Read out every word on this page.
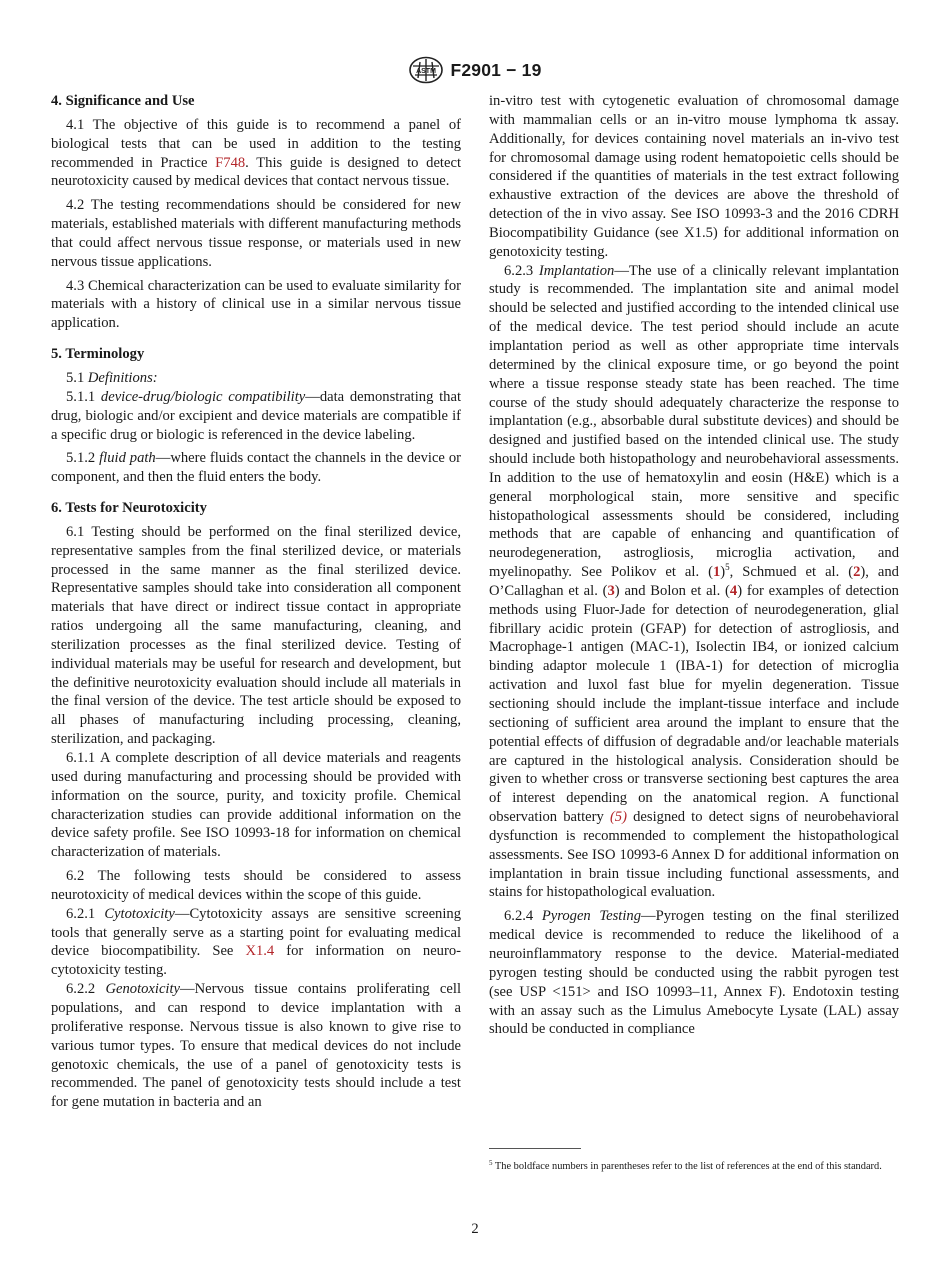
ASTM F2901 − 19
4. Significance and Use

4.1 The objective of this guide is to recommend a panel of biological tests that can be used in addition to the testing recommended in Practice F748. This guide is designed to detect neurotoxicity caused by medical devices that contact nervous tissue.

4.2 The testing recommendations should be considered for new materials, established materials with different manufacturing methods that could affect nervous tissue response, or materials used in new nervous tissue applications.

4.3 Chemical characterization can be used to evaluate similarity for materials with a history of clinical use in a similar nervous tissue application.

5. Terminology

5.1 Definitions:

5.1.1 device-drug/biologic compatibility—data demonstrating that drug, biologic and/or excipient and device materials are compatible if a specific drug or biologic is referenced in the device labeling.

5.1.2 fluid path—where fluids contact the channels in the device or component, and then the fluid enters the body.

6. Tests for Neurotoxicity

6.1 Testing should be performed on the final sterilized device, representative samples from the final sterilized device, or materials processed in the same manner as the final sterilized device. Representative samples should take into consideration all component materials that have direct or indirect tissue contact in appropriate ratios undergoing all the same manufacturing, cleaning, and sterilization processes as the final sterilized device. Testing of individual materials may be useful for research and development, but the definitive neurotoxicity evaluation should include all materials in the final version of the device. The test article should be exposed to all phases of manufacturing including processing, cleaning, sterilization, and packaging.

6.1.1 A complete description of all device materials and reagents used during manufacturing and processing should be provided with information on the source, purity, and toxicity profile. Chemical characterization studies can provide additional information on the device safety profile. See ISO 10993-18 for information on chemical characterization of materials.

6.2 The following tests should be considered to assess neurotoxicity of medical devices within the scope of this guide.

6.2.1 Cytotoxicity—Cytotoxicity assays are sensitive screening tools that generally serve as a starting point for evaluating medical device biocompatibility. See X1.4 for information on neuro-cytotoxicity testing.

6.2.2 Genotoxicity—Nervous tissue contains proliferating cell populations, and can respond to device implantation with a proliferative response. Nervous tissue is also known to give rise to various tumor types. To ensure that medical devices do not include genotoxic chemicals, the use of a panel of genotoxicity tests is recommended. The panel of genotoxicity tests should include a test for gene mutation in bacteria and an

in-vitro test with cytogenetic evaluation of chromosomal damage with mammalian cells or an in-vitro mouse lymphoma tk assay. Additionally, for devices containing novel materials an in-vivo test for chromosomal damage using rodent hematopoietic cells should be considered if the quantities of materials in the test extract following exhaustive extraction of the devices are above the threshold of detection of the in vivo assay. See ISO 10993-3 and the 2016 CDRH Biocompatibility Guidance (see X1.5) for additional information on genotoxicity testing.

6.2.3 Implantation—The use of a clinically relevant implantation study is recommended. The implantation site and animal model should be selected and justified according to the intended clinical use of the medical device. The test period should include an acute implantation period as well as other appropriate time intervals determined by the clinical exposure time, or go beyond the point where a tissue response steady state has been reached. The time course of the study should adequately characterize the response to implantation (e.g., absorbable dural substitute devices) and should be designed and justified based on the intended clinical use. The study should include both histopathology and neurobehavioral assessments. In addition to the use of hematoxylin and eosin (H&E) which is a general morphological stain, more sensitive and specific histopathological assessments should be considered, including methods that are capable of enhancing and quantification of neurodegeneration, astrogliosis, microglia activation, and myelinopathy. See Polikov et al. $(1)^5$, Schmued et al. (2), and O’Callaghan et al. (3) and Bolon et al. (4) for examples of detection methods using Fluor-Jade for detection of neurodegeneration, glial fibrillary acidic protein (GFAP) for detection of astrogliosis, and Macrophage-1 antigen (MAC-1), Isolectin IB4, or ionized calcium binding adaptor molecule 1 (IBA-1) for detection of microglia activation and luxol fast blue for myelin degeneration. Tissue sectioning should include the implant-tissue interface and include sectioning of sufficient area around the implant to ensure that the potential effects of diffusion of degradable and/or leachable materials are captured in the histological analysis. Consideration should be given to whether cross or transverse sectioning best captures the area of interest depending on the anatomical region. A functional observation battery (5) designed to detect signs of neurobehavioral dysfunction is recommended to complement the histopathological assessments. See ISO 10993-6 Annex D for additional information on implantation in brain tissue including functional assessments, and stains for histopathological evaluation.

6.2.4 Pyrogen Testing—Pyrogen testing on the final sterilized medical device is recommended to reduce the likelihood of a neuroinflammatory response to the device. Material-mediated pyrogen testing should be conducted using the rabbit pyrogen test (see USP <151> and ISO 10993–11, Annex F). Endotoxin testing with an assay such as the Limulus Amebocyte Lysate (LAL) assay should be conducted in compliance

$^5$ The boldface numbers in parentheses refer to the list of references at the end of this standard.
2
